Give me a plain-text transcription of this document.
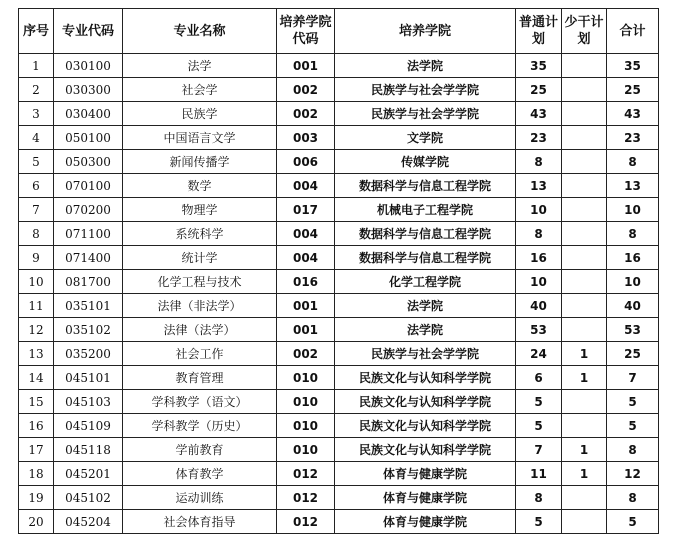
序号	专业代码	专业名称	培养学院代码	培养学院	普通计划	少干计划	合计
1	030100	法学	001	法学院	35		35
2	030300	社会学	002	民族学与社会学学院	25		25
3	030400	民族学	002	民族学与社会学学院	43		43
4	050100	中国语言文学	003	文学院	23		23
5	050300	新闻传播学	006	传媒学院	8		8
6	070100	数学	004	数据科学与信息工程学院	13		13
7	070200	物理学	017	机械电子工程学院	10		10
8	071100	系统科学	004	数据科学与信息工程学院	8		8
9	071400	统计学	004	数据科学与信息工程学院	16		16
10	081700	化学工程与技术	016	化学工程学院	10		10
11	035101	法律（非法学）	001	法学院	40		40
12	035102	法律（法学）	001	法学院	53		53
13	035200	社会工作	002	民族学与社会学学院	24	1	25
14	045101	教育管理	010	民族文化与认知科学学院	6	1	7
15	045103	学科教学（语文）	010	民族文化与认知科学学院	5		5
16	045109	学科教学（历史）	010	民族文化与认知科学学院	5		5
17	045118	学前教育	010	民族文化与认知科学学院	7	1	8
18	045201	体育教学	012	体育与健康学院	11	1	12
19	045102	运动训练	012	体育与健康学院	8		8
20	045204	社会体育指导	012	体育与健康学院	5		5
